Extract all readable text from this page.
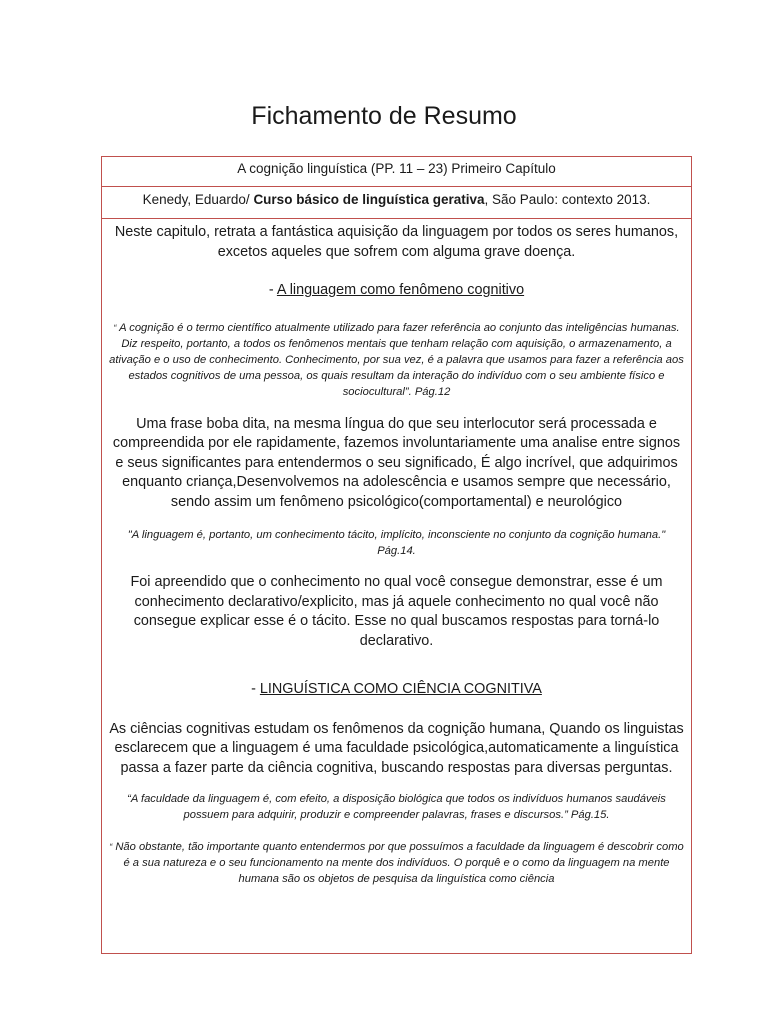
Fichamento de Resumo
A cognição linguística (PP. 11 – 23) Primeiro Capítulo
Kenedy, Eduardo/ Curso básico de linguística gerativa, São Paulo: contexto 2013.

Neste capitulo, retrata a fantástica aquisição da linguagem por todos os seres humanos, excetos aqueles que sofrem com alguma grave doença.

- A linguagem como fenômeno cognitivo

“ A cognição é o termo científico atualmente utilizado para fazer referência ao conjunto das inteligências humanas. Diz respeito, portanto, a todos os fenômenos mentais que tenham relação com aquisição, o armazenamento, a ativação e o uso de conhecimento. Conhecimento, por sua vez, é a palavra que usamos para fazer a referência aos estados cognitivos de uma pessoa, os quais resultam da interação do indivíduo com o seu ambiente físico e sociocultural”. Pág.12

Uma frase boba dita, na mesma língua do que seu interlocutor será processada e compreendida por ele rapidamente, fazemos involuntariamente uma analise entre signos e seus significantes para entendermos o seu significado, É algo incrível, que adquirimos enquanto criança,Desenvolvemos na adolescência e usamos sempre que necessário, sendo assim um fenômeno psicológico(comportamental) e neurológico

"A linguagem é, portanto, um conhecimento tácito, implícito, inconsciente no conjunto da cognição humana." Pág.14.

Foi apreendido que o conhecimento no qual você consegue demonstrar, esse é um conhecimento declarativo/explicito, mas já aquele conhecimento no qual você não consegue explicar esse é o tácito. Esse no qual buscamos respostas para torná-lo declarativo.

- LINGUÍSTICA COMO CIÊNCIA COGNITIVA

As ciências cognitivas estudam os fenômenos da cognição humana, Quando os linguistas esclarecem que a linguagem é uma faculdade psicológica,automaticamente a linguística passa a fazer parte da ciência cognitiva, buscando respostas para diversas perguntas.

“A faculdade da linguagem é, com efeito, a disposição biológica que todos os indivíduos humanos saudáveis possuem para adquirir, produzir e compreender palavras, frases e discursos.” Pág.15.

“ Não obstante, tão importante quanto entendermos por que possuímos a faculdade da linguagem é descobrir como é a sua natureza e o seu funcionamento na mente dos indivíduos. O porquê e o como da linguagem na mente humana são os objetos de pesquisa da linguística como ciência
